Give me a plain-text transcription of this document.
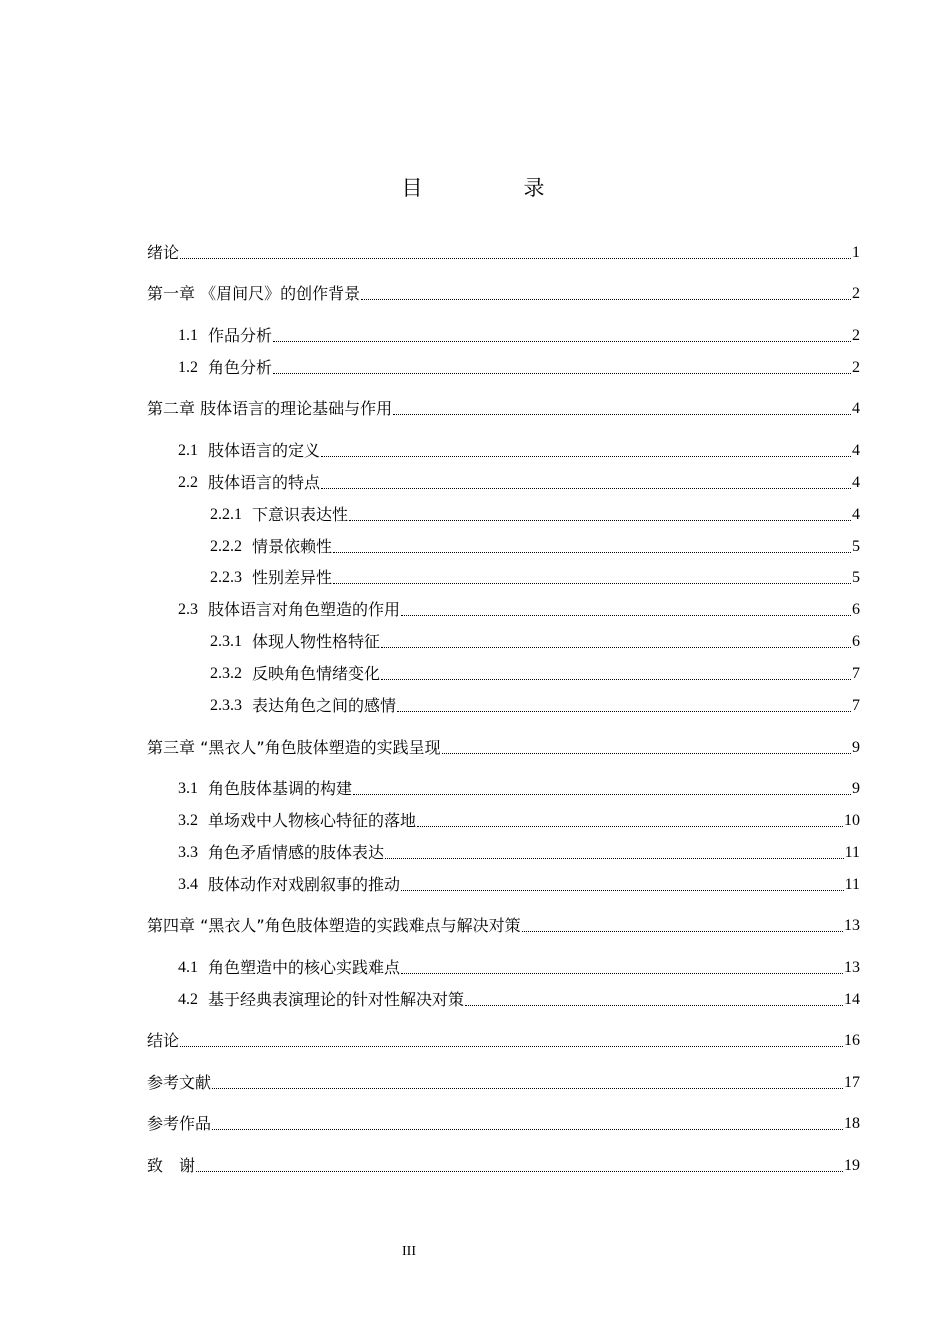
目　录
绪论	1
第一章 《眉间尺》的创作背景	2
1.1 作品分析	2
1.2 角色分析	2
第二章 肢体语言的理论基础与作用	4
2.1 肢体语言的定义	4
2.2 肢体语言的特点	4
2.2.1 下意识表达性	4
2.2.2 情景依赖性	5
2.2.3 性别差异性	5
2.3 肢体语言对角色塑造的作用	6
2.3.1 体现人物性格特征	6
2.3.2 反映角色情绪变化	7
2.3.3 表达角色之间的感情	7
第三章 “黑衣人”角色肢体塑造的实践呈现	9
3.1 角色肢体基调的构建	9
3.2 单场戏中人物核心特征的落地	10
3.3 角色矛盾情感的肢体表达	11
3.4 肢体动作对戏剧叙事的推动	11
第四章 “黑衣人”角色肢体塑造的实践难点与解决对策	13
4.1 角色塑造中的核心实践难点	13
4.2 基于经典表演理论的针对性解决对策	14
结论	16
参考文献	17
参考作品	18
致　谢	19
III
